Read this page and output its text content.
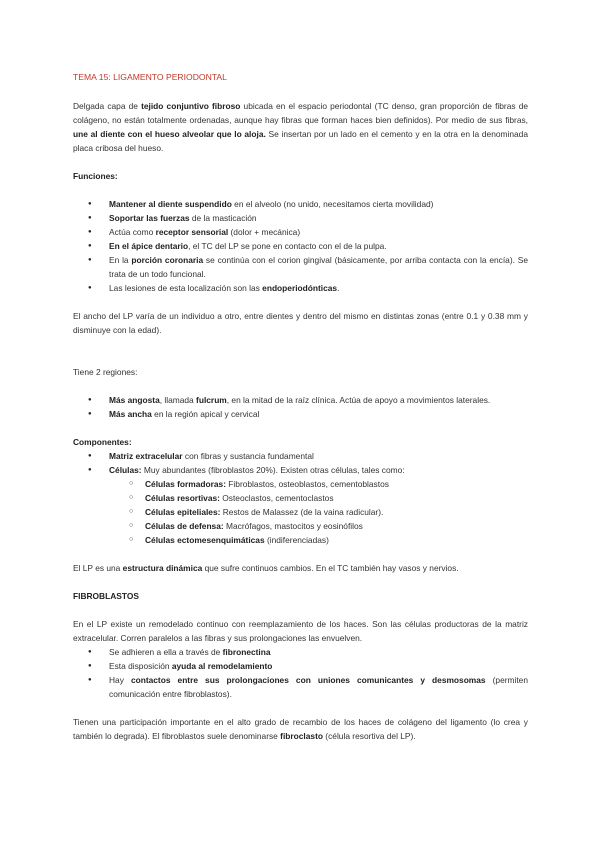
TEMA 15: LIGAMENTO PERIODONTAL

Delgada capa de tejido conjuntivo fibroso ubicada en el espacio periodontal (TC denso, gran proporción de fibras de colágeno, no están totalmente ordenadas, aunque hay fibras que forman haces bien definidos). Por medio de sus fibras, une al diente con el hueso alveolar que lo aloja. Se insertan por un lado en el cemento y en la otra en la denominada placa cribosa del hueso.

Funciones:

● Mantener al diente suspendido en el alveolo (no unido, necesitamos cierta movilidad)
● Soportar las fuerzas de la masticación
● Actúa como receptor sensorial (dolor + mecánica)
● En el ápice dentario, el TC del LP se pone en contacto con el de la pulpa.
● En la porción coronaria se continúa con el corion gingival (básicamente, por arriba contacta con la encía). Se trata de un todo funcional.
● Las lesiones de esta localización son las endoperiodónticas.

El ancho del LP varía de un individuo a otro, entre dientes y dentro del mismo en distintas zonas (entre 0.1 y 0.38 mm y disminuye con la edad).

Tiene 2 regiones:

● Más angosta, llamada fulcrum, en la mitad de la raíz clínica. Actúa de apoyo a movimientos laterales.
● Más ancha en la región apical y cervical

Componentes:

● Matriz extracelular con fibras y sustancia fundamental
● Células: Muy abundantes (fibroblastos 20%). Existen otras células, tales como:
○ Células formadoras: Fibroblastos, osteoblastos, cementoblastos
○ Células resortivas: Osteoclastos, cementoclastos
○ Células epiteliales: Restos de Malassez (de la vaina radicular).
○ Células de defensa: Macrófagos, mastocitos y eosinófilos
○ Células ectomesenquimáticas (indiferenciadas)

El LP es una estructura dinámica que sufre continuos cambios. En el TC también hay vasos y nervios.

FIBROBLASTOS

En el LP existe un remodelado continuo con reemplazamiento de los haces. Son las células productoras de la matriz extracelular. Corren paralelos a las fibras y sus prolongaciones las envuelven.

● Se adhieren a ella a través de fibronectina
● Esta disposición ayuda al remodelamiento
● Hay contactos entre sus prolongaciones con uniones comunicantes y desmosomas (permiten comunicación entre fibroblastos).

Tienen una participación importante en el alto grado de recambio de los haces de colágeno del ligamento (lo crea y también lo degrada). El fibroblastos suele denominarse fibroclasto (célula resortiva del LP).
